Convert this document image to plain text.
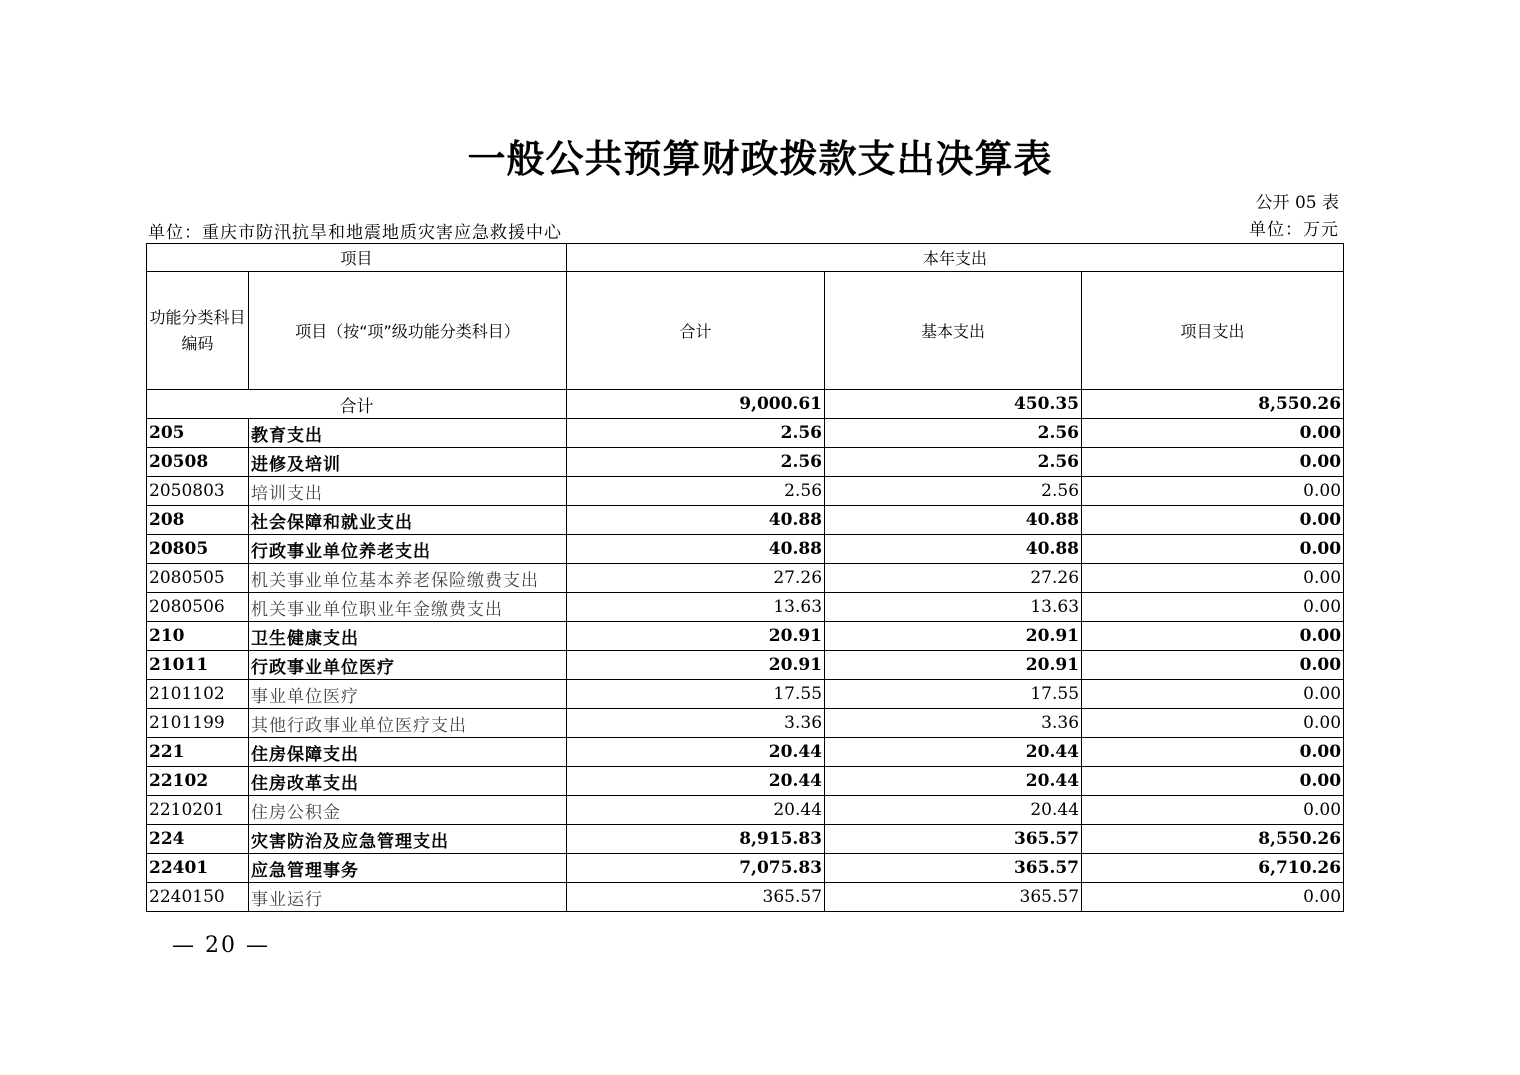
一般公共预算财政拨款支出决算表
公开 05 表
单位：重庆市防汛抗旱和地震地质灾害应急救援中心	单位：万元
项目		本年支出		
功能分类科目编码	项目（按“项”级功能分类科目）	合计	基本支出	项目支出
合计		9,000.61	450.35	8,550.26
205	教育支出	2.56	2.56	0.00
20508	进修及培训	2.56	2.56	0.00
2050803	培训支出	2.56	2.56	0.00
208	社会保障和就业支出	40.88	40.88	0.00
20805	行政事业单位养老支出	40.88	40.88	0.00
2080505	机关事业单位基本养老保险缴费支出	27.26	27.26	0.00
2080506	机关事业单位职业年金缴费支出	13.63	13.63	0.00
210	卫生健康支出	20.91	20.91	0.00
21011	行政事业单位医疗	20.91	20.91	0.00
2101102	事业单位医疗	17.55	17.55	0.00
2101199	其他行政事业单位医疗支出	3.36	3.36	0.00
221	住房保障支出	20.44	20.44	0.00
22102	住房改革支出	20.44	20.44	0.00
2210201	住房公积金	20.44	20.44	0.00
224	灾害防治及应急管理支出	8,915.83	365.57	8,550.26
22401	应急管理事务	7,075.83	365.57	6,710.26
2240150	事业运行	365.57	365.57	0.00
— 20 —
